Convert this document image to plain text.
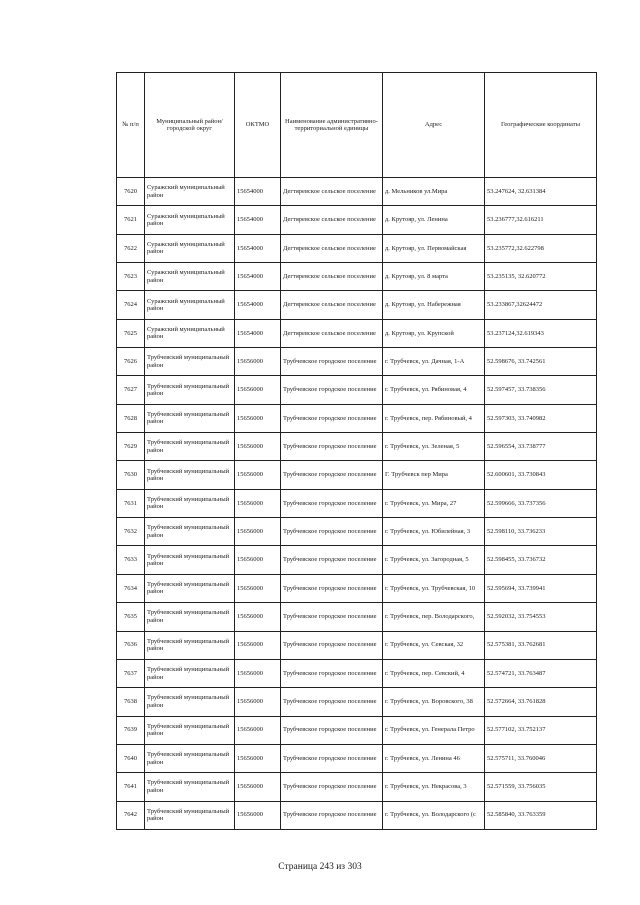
№ п/п	Муниципальный район/городской округ	ОКТМО	Наименование административно-территориальной единицы	Адрес	Географические координаты
7620	Суражский муниципальный район	15654000	Дегтяревское сельское поселение	д. Мельников ул.Мира	53.247624, 32.631384
7621	Суражский муниципальный район	15654000	Дегтяревское сельское поселение	д. Крутояр, ул. Ленина	53.236777,32.616211
7622	Суражский муниципальный район	15654000	Дегтяревское сельское поселение	д. Крутояр, ул. Первомайская	53.235772,32.622798
7623	Суражский муниципальный район	15654000	Дегтяревское сельское поселение	д. Крутояр, ул. 8 марта	53.235135, 32.620772
7624	Суражский муниципальный район	15654000	Дегтяревское сельское поселение	д. Крутояр, ул. Набережная	53.233867,32624472
7625	Суражский муниципальный район	15654000	Дегтяревское сельское поселение	д. Крутояр, ул. Крупской	53.237124,32.619343
7626	Трубчевский муниципальный район	15656000	Трубчевское городское поселение	г. Трубчевск, ул. Дачная, 1-А	52.598676, 33.742561
7627	Трубчевский муниципальный район	15656000	Трубчевское городское поселение	г. Трубчевск, ул. Рябиновая, 4	52.597457, 33.738356
7628	Трубчевский муниципальный район	15656000	Трубчевское городское поселение	г. Трубчевск, пер. Рябиновый, 4	52.597303, 33.740982
7629	Трубчевский муниципальный район	15656000	Трубчевское городское поселение	г. Трубчевск, ул. Зеленая, 5	52.596554, 33.738777
7630	Трубчевский муниципальный район	15656000	Трубчевское городское поселение	Г. Трубчевск пер Мира	52.600601, 33.730843
7631	Трубчевский муниципальный район	15656000	Трубчевское городское поселение	г. Трубчевск, ул. Мира, 27	52.599666, 33.737356
7632	Трубчевский муниципальный район	15656000	Трубчевское городское поселение	г. Трубчевск, ул. Юбилейная, 3	52.598110, 33.736233
7633	Трубчевский муниципальный район	15656000	Трубчевское городское поселение	г. Трубчевск, ул. Загородная, 5	52.598455, 33.736732
7634	Трубчевский муниципальный район	15656000	Трубчевское городское поселение	г. Трубчевск, ул. Трубчевская, 10	52.595694, 33.739941
7635	Трубчевский муниципальный район	15656000	Трубчевское городское поселение	г. Трубчевск, пер. Володарского,	52.592032, 33.754553
7636	Трубчевский муниципальный район	15656000	Трубчевское городское поселение	г. Трубчевск, ул. Севская, 32	52.575381, 33.762681
7637	Трубчевский муниципальный район	15656000	Трубчевское городское поселение	г. Трубчевск, пер. Севский, 4	52.574721, 33.763487
7638	Трубчевский муниципальный район	15656000	Трубчевское городское поселение	г. Трубчевск, ул. Воровского, 38	52.572664, 33.761828
7639	Трубчевский муниципальный район	15656000	Трубчевское городское поселение	г. Трубчевск, ул. Генерала Петро	52.577102, 33.752137
7640	Трубчевский муниципальный район	15656000	Трубчевское городское поселение	г. Трубчевск, ул. Ленина 46	52.575711, 33.760046
7641	Трубчевский муниципальный район	15656000	Трубчевское городское поселение	г. Трубчевск, ул. Некрасова, 3	52.571559, 33.756035
7642	Трубчевский муниципальный район	15656000	Трубчевское городское поселение	г. Трубчевск, ул. Володарского (с	52.585840, 33.763359
Страница 243 из 303
